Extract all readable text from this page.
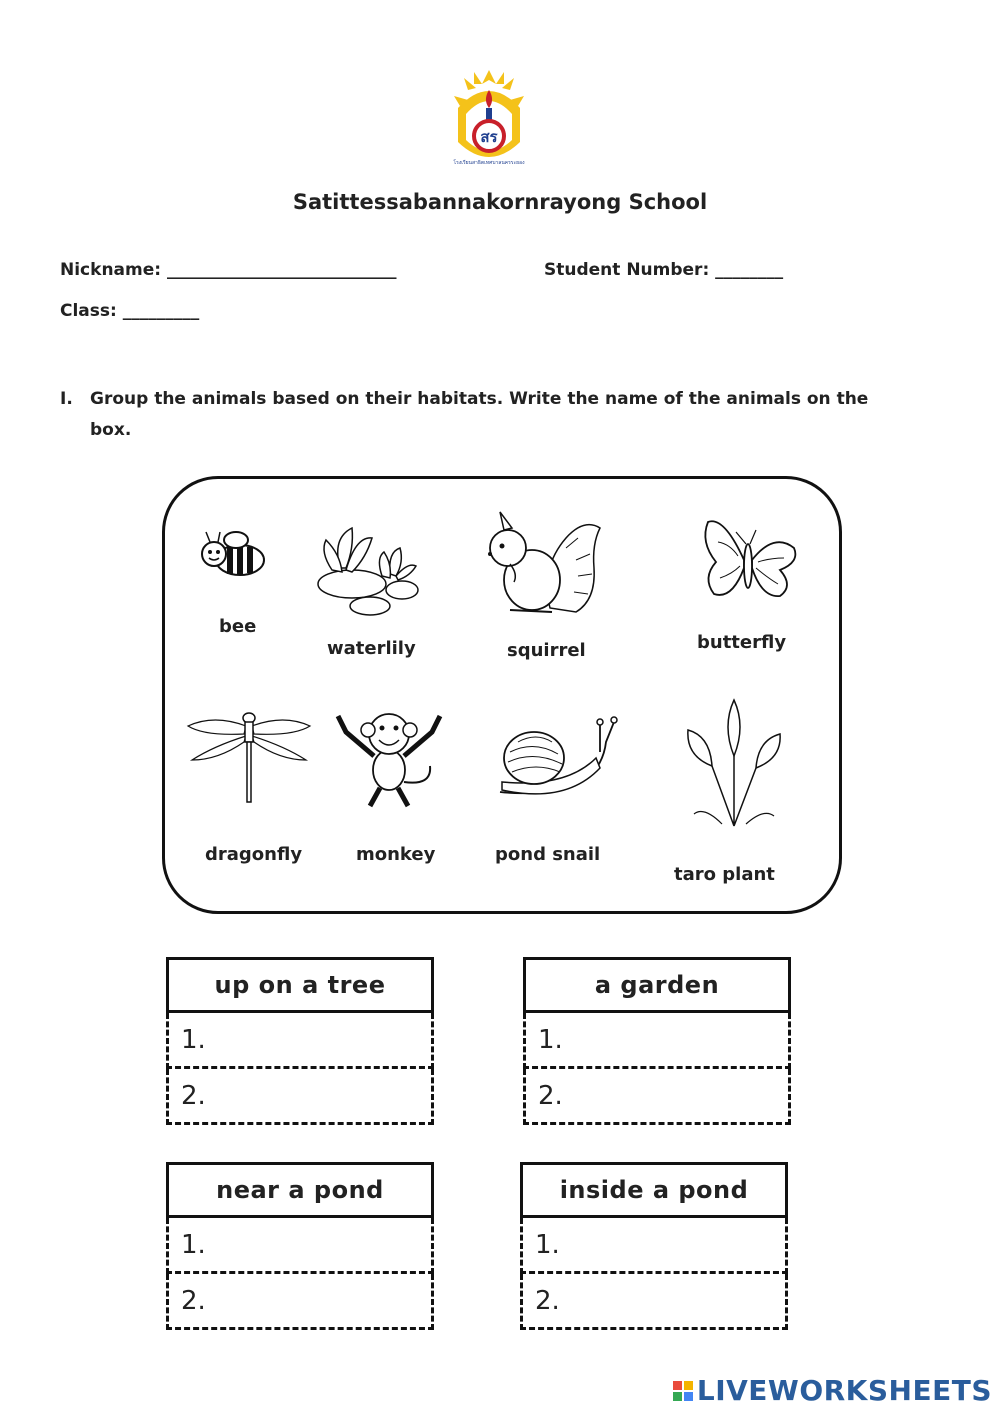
สร
โรงเรียนสาธิตเทศบาลนครระยอง
Satittessabannakornrayong School
Nickname: ___________________________	Student Number: ________
Class: _________
I.	Group the animals based on their habitats. Write the name of the animals on the box.
bee
waterlily	squirrel	butterfly
dragonfly	monkey	pond snail
taro plant
up on a tree
1.
2.
a garden
1.
2.
near a pond
1.
2.
inside a pond
1.
2.
LIVEWORKSHEETS
